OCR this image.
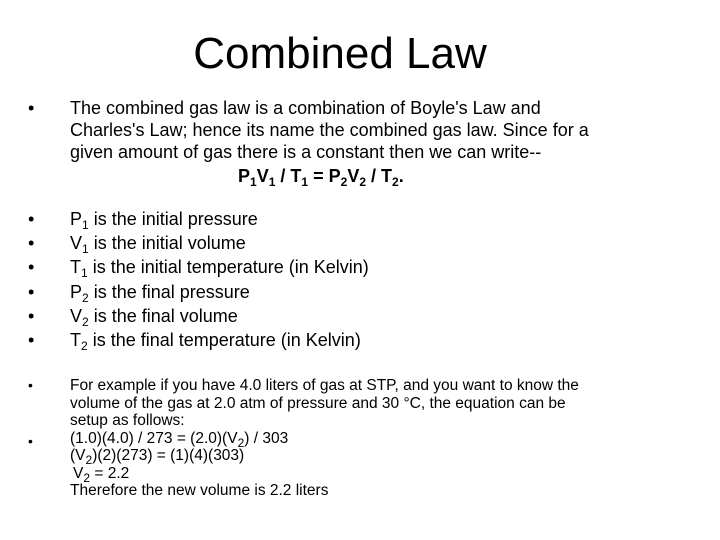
Combined Law
• The combined gas law is a combination of Boyle's Law and
Charles's Law; hence its name the combined gas law. Since for a
given amount of gas there is a constant then we can write--
$P_1V_1 / T_1 = P_2V_2 / T_2$.
• $P_1$ is the initial pressure
• $V_1$ is the initial volume
• $T_1$ is the initial temperature (in Kelvin)
• $P_2$ is the final pressure
• $V_2$ is the final volume
• $T_2$ is the final temperature (in Kelvin)
•
•
For example if you have 4.0 liters of gas at STP, and you want to know the
volume of the gas at 2.0 atm of pressure and 30 °C, the equation can be
setup as follows:
$(1.0)(4.0) / 273 = (2.0)(V_2) / 303$
$(V_2)(2)(273) = (1)(4)(303)$
$V_2 = 2.2$
Therefore the new volume is 2.2 liters
